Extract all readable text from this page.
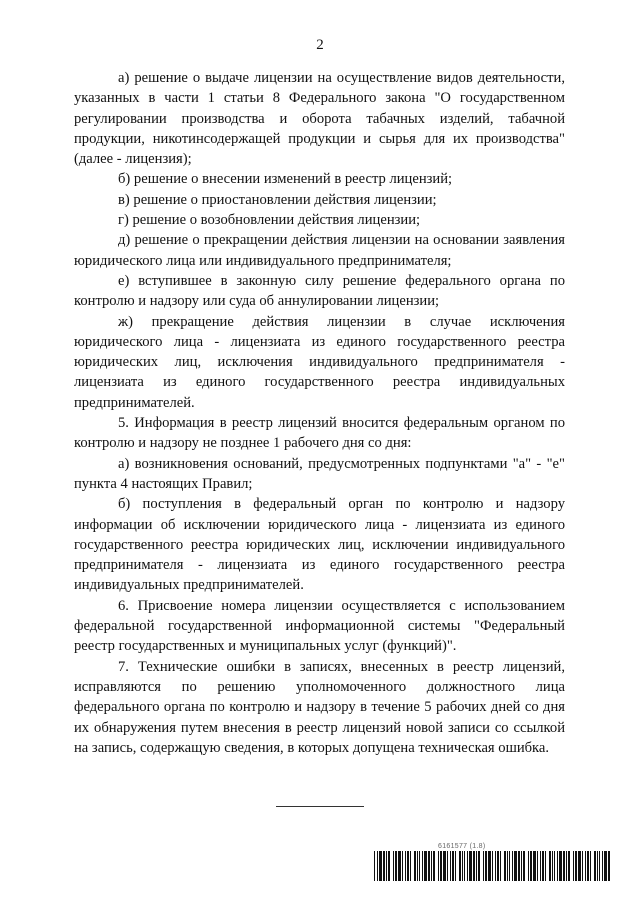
2

а) решение о выдаче лицензии на осуществление видов деятельности, указанных в части 1 статьи 8 Федерального закона "О государственном регулировании производства и оборота табачных изделий, табачной продукции, никотинсодержащей продукции и сырья для их производства" (далее - лицензия);

б) решение о внесении изменений в реестр лицензий;

в) решение о приостановлении действия лицензии;

г) решение о возобновлении действия лицензии;

д) решение о прекращении действия лицензии на основании заявления юридического лица или индивидуального предпринимателя;

е) вступившее в законную силу решение федерального органа по контролю и надзору или суда об аннулировании лицензии;

ж) прекращение действия лицензии в случае исключения юридического лица - лицензиата из единого государственного реестра юридических лиц, исключения индивидуального предпринимателя - лицензиата из единого государственного реестра индивидуальных предпринимателей.

5. Информация в реестр лицензий вносится федеральным органом по контролю и надзору не позднее 1 рабочего дня со дня:

а) возникновения оснований, предусмотренных подпунктами "а" - "е" пункта 4 настоящих Правил;

б) поступления в федеральный орган по контролю и надзору информации об исключении юридического лица - лицензиата из единого государственного реестра юридических лиц, исключении индивидуального предпринимателя - лицензиата из единого государственного реестра индивидуальных предпринимателей.

6. Присвоение номера лицензии осуществляется с использованием федеральной государственной информационной системы "Федеральный реестр государственных и муниципальных услуг (функций)".

7. Технические ошибки в записях, внесенных в реестр лицензий, исправляются по решению уполномоченного должностного лица федерального органа по контролю и надзору в течение 5 рабочих дней со дня их обнаружения путем внесения в реестр лицензий новой записи со ссылкой на запись, содержащую сведения, в которых допущена техническая ошибка.

6161577 (1.8)
